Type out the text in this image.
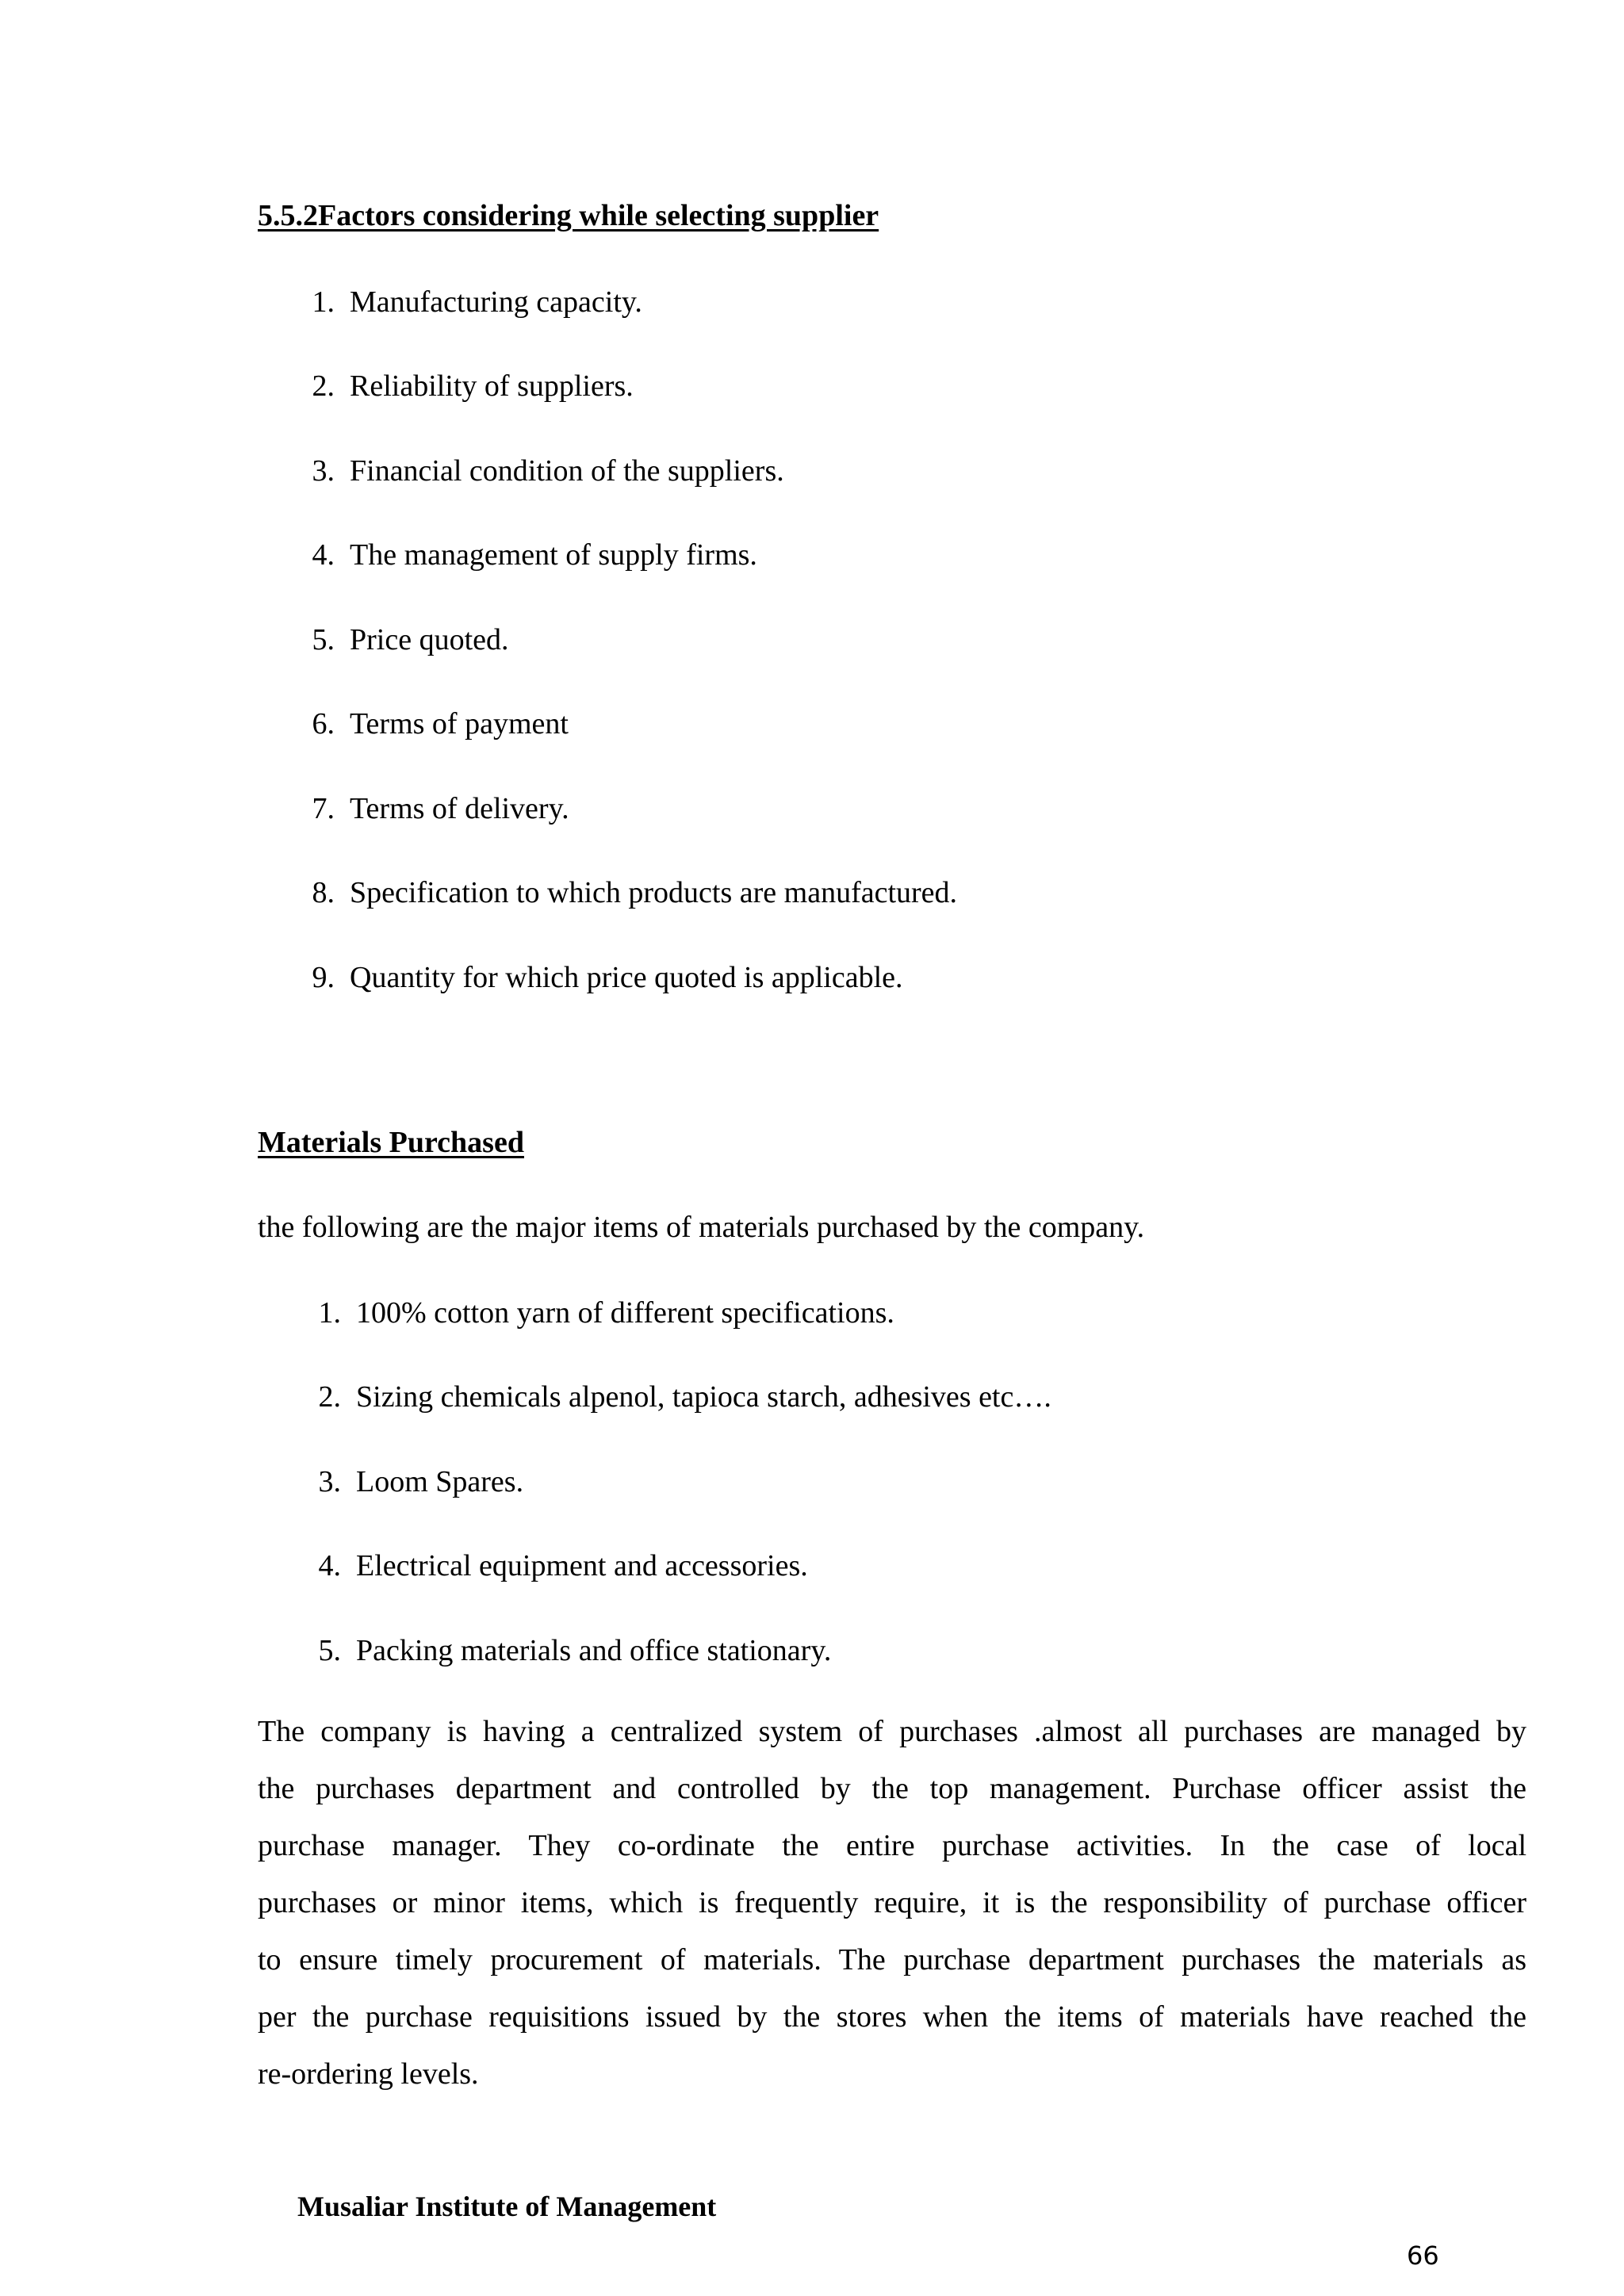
5.5.2Factors considering while selecting supplier
1. Manufacturing capacity.
2. Reliability of suppliers.
3. Financial condition of the suppliers.
4. The management of supply firms.
5. Price quoted.
6. Terms of payment
7. Terms of delivery.
8. Specification to which products are manufactured.
9. Quantity for which price quoted is applicable.
Materials Purchased

the following are the major items of materials purchased by the company.

1. 100% cotton yarn of different specifications.
2. Sizing chemicals alpenol, tapioca starch, adhesives etc….
3. Loom Spares.
4. Electrical equipment and accessories.
5. Packing materials and office stationary.
The company is having a centralized system of purchases .almost all purchases are managed by
the purchases department and controlled by the top management. Purchase officer assist the
purchase manager. They co-ordinate the entire purchase activities. In the case of local
purchases or minor items, which is frequently require, it is the responsibility of purchase officer
to ensure timely procurement of materials. The purchase department purchases the materials as
per the purchase requisitions issued by the stores when the items of materials have reached the
re-ordering levels.
Musaliar Institute of Management
66
